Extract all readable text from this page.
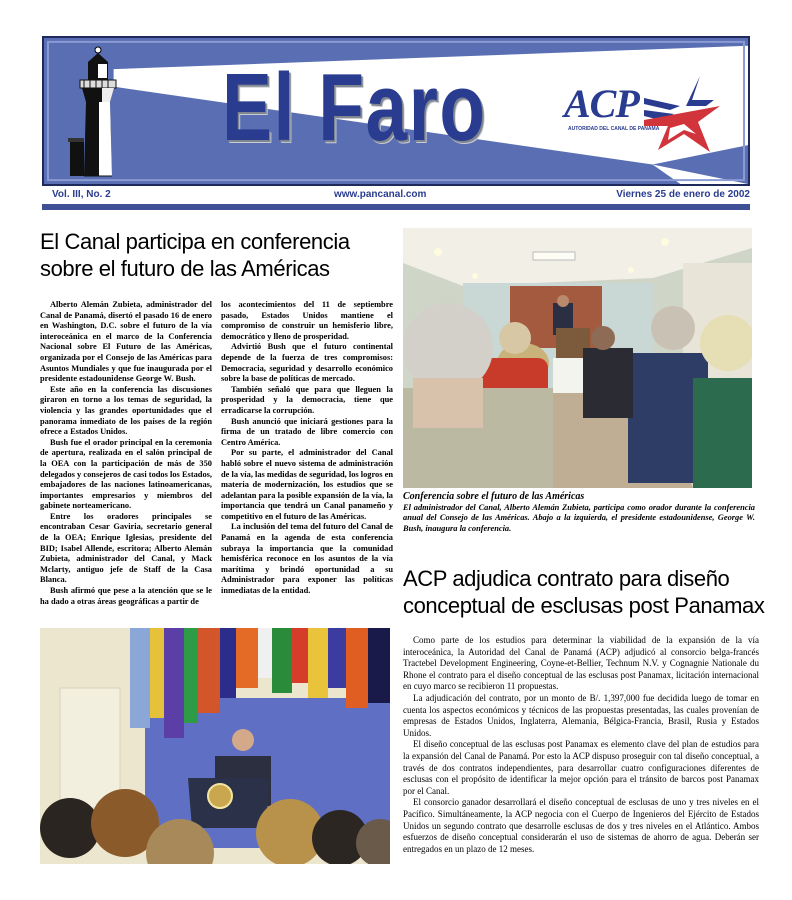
El Faro ACP
AUTORIDAD DEL CANAL DE PANAMÁ
Vol. III, No. 2	www.pancanal.com	Viernes 25 de enero de 2002
El Canal participa en conferencia sobre el futuro de las Américas

Alberto Alemán Zubieta, administrador del Canal de Panamá, disertó el pasado 16 de enero en Washington, D.C. sobre el futuro de la vía interoceánica en el marco de la Conferencia Nacional sobre El Futuro de las Américas, organizada por el Consejo de las Américas para Asuntos Mundiales y que fue inaugurada por el presidente estadounidense George W. Bush.

Este año en la conferencia las discusiones giraron en torno a los temas de seguridad, la violencia y las grandes oportunidades que el panorama inmediato de los países de la región ofrece a Estados Unidos.

Bush fue el orador principal en la ceremonia de apertura, realizada en el salón principal de la OEA con la participación de más de 350 delegados y consejeros de casi todos los Estados, embajadores de las naciones latinoamericanas, importantes empresarios y miembros del gabinete norteamericano.

Entre los oradores principales se encontraban Cesar Gaviria, secretario general de la OEA; Enrique Iglesias, presidente del BID; Isabel Allende, escritora; Alberto Alemán Zubieta, administrador del Canal, y Mack Mclarty, antiguo jefe de Staff de la Casa Blanca.

Bush afirmó que pese a la atención que se le ha dado a otras áreas geográficas a partir de

los acontecimientos del 11 de septiembre pasado, Estados Unidos mantiene el compromiso de construir un hemisferio libre, democrático y lleno de prosperidad.

Advirtió Bush que el futuro continental depende de la fuerza de tres compromisos: Democracia, seguridad y desarrollo económico sobre la base de políticas de mercado.

También señaló que para que lleguen la prosperidad y la democracia, tiene que erradicarse la corrupción.

Bush anunció que iniciará gestiones para la firma de un tratado de libre comercio con Centro América.

Por su parte, el administrador del Canal habló sobre el nuevo sistema de administración de la vía, las medidas de seguridad, los logros en materia de modernización, los estudios que se adelantan para la posible expansión de la vía, la importancia que tendrá un Canal panameño y competitivo en el futuro de las Américas.

La inclusión del tema del futuro del Canal de Panamá en la agenda de esta conferencia subraya la importancia que la comunidad hemisférica reconoce en los asuntos de la vía marítima y brindó oportunidad a su Administrador para exponer las políticas inmediatas de la entidad.

Conferencia sobre el futuro de las Américas

El administrador del Canal, Alberto Alemán Zubieta, participa como orador durante la conferencia anual del Consejo de las Américas. Abajo a la izquierda, el presidente estadounidense, George W. Bush, inaugura la conferencia.

ACP adjudica contrato para diseño conceptual de esclusas post Panamax

Como parte de los estudios para determinar la viabilidad de la expansión de la vía interoceánica, la Autoridad del Canal de Panamá (ACP) adjudicó al consorcio belga-francés Tractebel Development Engineering, Coyne-et-Bellier, Technum N.V. y Cognagnie Nationale du Rhone el contrato para el diseño conceptual de las esclusas post Panamax, licitación internacional en cuyo marco se recibieron 11 propuestas.

La adjudicación del contrato, por un monto de B/. 1,397,000 fue decidida luego de tomar en cuenta los aspectos económicos y técnicos de las propuestas presentadas, las cuales provenían de empresas de Estados Unidos, Inglaterra, Alemania, Bélgica-Francia, Brasil, Rusia y Estados Unidos.

El diseño conceptual de las esclusas post Panamax es elemento clave del plan de estudios para la expansión del Canal de Panamá. Por esto la ACP dispuso proseguir con tal diseño conceptual, a través de dos contratos independientes, para desarrollar cuatro configuraciones diferentes de esclusas con el propósito de identificar la mejor opción para el tránsito de barcos post Panamax por el Canal.

El consorcio ganador desarrollará el diseño conceptual de esclusas de uno y tres niveles en el Pacífico. Simultáneamente, la ACP negocia con el Cuerpo de Ingenieros del Ejército de Estados Unidos un segundo contrato que desarrolle esclusas de dos y tres niveles en el Atlántico. Ambos esfuerzos de diseño conceptual considerarán el uso de sistemas de ahorro de agua. Deberán ser entregados en un plazo de 12 meses.
